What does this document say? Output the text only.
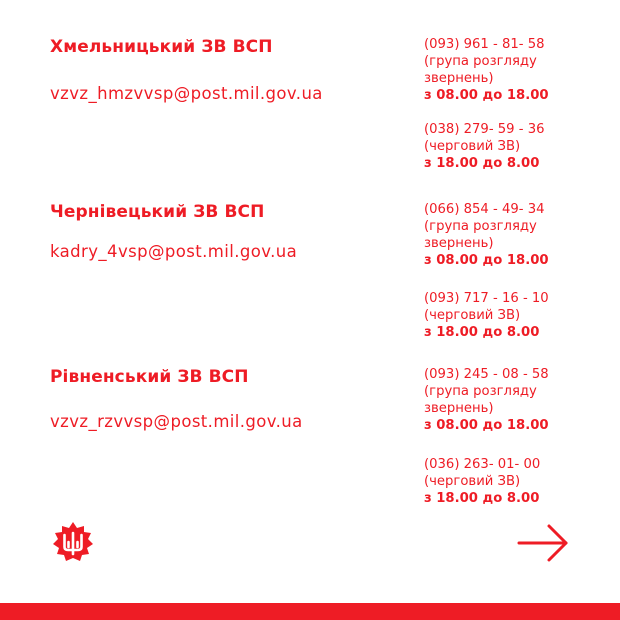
Хмельницький ЗВ ВСП
vzvz_hmzvvsp@post.mil.gov.ua
(093) 961 - 81- 58
(група розгляду
звернень)
з 08.00 до 18.00
(038) 279- 59 - 36
(черговий ЗВ)
з 18.00 до 8.00
Чернівецький ЗВ ВСП
kadry_4vsp@post.mil.gov.ua
(066) 854 - 49- 34
(група розгляду
звернень)
з 08.00 до 18.00
(093) 717 - 16 - 10
(черговий ЗВ)
з 18.00 до 8.00
Рівненський ЗВ ВСП
vzvz_rzvvsp@post.mil.gov.ua
(093) 245 - 08 - 58
(група розгляду
звернень)
з 08.00 до 18.00
(036) 263- 01- 00
(черговий ЗВ)
з 18.00 до 8.00
